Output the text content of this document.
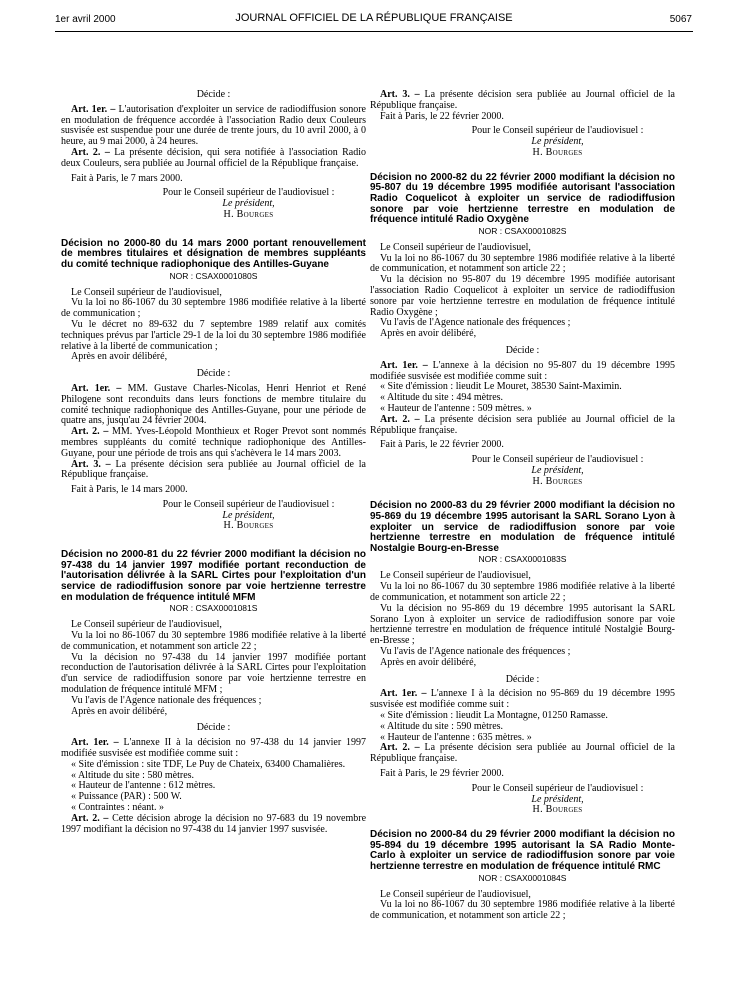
1er avril 2000	JOURNAL OFFICIEL DE LA RÉPUBLIQUE FRANÇAISE	5067

Décide :

Art. 1er. – L'autorisation d'exploiter un service de radiodiffusion sonore en modulation de fréquence accordée à l'association Radio deux Couleurs susvisée est suspendue pour une durée de trente jours, du 10 avril 2000, à 0 heure, au 9 mai 2000, à 24 heures.

Art. 2. – La présente décision, qui sera notifiée à l'association Radio deux Couleurs, sera publiée au Journal officiel de la République française.

Fait à Paris, le 7 mars 2000.

Pour le Conseil supérieur de l'audiovisuel :
Le président,
H. Bourges

Décision no 2000-80 du 14 mars 2000 portant renouvellement de membres titulaires et désignation de membres suppléants du comité technique radiophonique des Antilles-Guyane

NOR : CSAX0001080S

Le Conseil supérieur de l'audiovisuel,

Vu la loi no 86-1067 du 30 septembre 1986 modifiée relative à la liberté de communication ;

Vu le décret no 89-632 du 7 septembre 1989 relatif aux comités techniques prévus par l'article 29-1 de la loi du 30 septembre 1986 modifiée relative à la liberté de communication ;

Après en avoir délibéré,

Décide :

Art. 1er. – MM. Gustave Charles-Nicolas, Henri Henriot et René Philogene sont reconduits dans leurs fonctions de membre titulaire du comité technique radiophonique des Antilles-Guyane, pour une période de quatre ans, jusqu'au 24 février 2004.

Art. 2. – MM. Yves-Léopold Monthieux et Roger Prevot sont nommés membres suppléants du comité technique radiophonique des Antilles-Guyane, pour une période de trois ans qui s'achèvera le 14 mars 2003.

Art. 3. – La présente décision sera publiée au Journal officiel de la République française.

Fait à Paris, le 14 mars 2000.

Pour le Conseil supérieur de l'audiovisuel :
Le président,
H. Bourges

Décision no 2000-81 du 22 février 2000 modifiant la décision no 97-438 du 14 janvier 1997 modifiée portant reconduction de l'autorisation délivrée à la SARL Cirtes pour l'exploitation d'un service de radiodiffusion sonore par voie hertzienne terrestre en modulation de fréquence intitulé MFM

NOR : CSAX0001081S

Le Conseil supérieur de l'audiovisuel,

Vu la loi no 86-1067 du 30 septembre 1986 modifiée relative à la liberté de communication, et notamment son article 22 ;

Vu la décision no 97-438 du 14 janvier 1997 modifiée portant reconduction de l'autorisation délivrée à la SARL Cirtes pour l'exploitation d'un service de radiodiffusion sonore par voie hertzienne terrestre en modulation de fréquence intitulé MFM ;

Vu l'avis de l'Agence nationale des fréquences ;

Après en avoir délibéré,

Décide :

Art. 1er. – L'annexe II à la décision no 97-438 du 14 janvier 1997 modifiée susvisée est modifiée comme suit :

« Site d'émission : site TDF, Le Puy de Chateix, 63400 Chamalières.

« Altitude du site : 580 mètres.

« Hauteur de l'antenne : 612 mètres.

« Puissance (PAR) : 500 W.

« Contraintes : néant. »

Art. 2. – Cette décision abroge la décision no 97-683 du 19 novembre 1997 modifiant la décision no 97-438 du 14 janvier 1997 susvisée.

Art. 3. – La présente décision sera publiée au Journal officiel de la République française.

Fait à Paris, le 22 février 2000.

Pour le Conseil supérieur de l'audiovisuel :
Le président,
H. Bourges

Décision no 2000-82 du 22 février 2000 modifiant la décision no 95-807 du 19 décembre 1995 modifiée autorisant l'association Radio Coquelicot à exploiter un service de radiodiffusion sonore par voie hertzienne terrestre en modulation de fréquence intitulé Radio Oxygène

NOR : CSAX0001082S

Le Conseil supérieur de l'audiovisuel,

Vu la loi no 86-1067 du 30 septembre 1986 modifiée relative à la liberté de communication, et notamment son article 22 ;

Vu la décision no 95-807 du 19 décembre 1995 modifiée autorisant l'association Radio Coquelicot à exploiter un service de radiodiffusion sonore par voie hertzienne terrestre en modulation de fréquence intitulé Radio Oxygène ;

Vu l'avis de l'Agence nationale des fréquences ;

Après en avoir délibéré,

Décide :

Art. 1er. – L'annexe à la décision no 95-807 du 19 décembre 1995 modifiée susvisée est modifiée comme suit :

« Site d'émission : lieudit Le Mouret, 38530 Saint-Maximin.

« Altitude du site : 494 mètres.

« Hauteur de l'antenne : 509 mètres. »

Art. 2. – La présente décision sera publiée au Journal officiel de la République française.

Fait à Paris, le 22 février 2000.

Pour le Conseil supérieur de l'audiovisuel :
Le président,
H. Bourges

Décision no 2000-83 du 29 février 2000 modifiant la décision no 95-869 du 19 décembre 1995 autorisant la SARL Sorano Lyon à exploiter un service de radiodiffusion sonore par voie hertzienne terrestre en modulation de fréquence intitulé Nostalgie Bourg-en-Bresse

NOR : CSAX0001083S

Le Conseil supérieur de l'audiovisuel,

Vu la loi no 86-1067 du 30 septembre 1986 modifiée relative à la liberté de communication, et notamment son article 22 ;

Vu la décision no 95-869 du 19 décembre 1995 autorisant la SARL Sorano Lyon à exploiter un service de radiodiffusion sonore par voie hertzienne terrestre en modulation de fréquence intitulé Nostalgie Bourg-en-Bresse ;

Vu l'avis de l'Agence nationale des fréquences ;

Après en avoir délibéré,

Décide :

Art. 1er. – L'annexe I à la décision no 95-869 du 19 décembre 1995 susvisée est modifiée comme suit :

« Site d'émission : lieudit La Montagne, 01250 Ramasse.

« Altitude du site : 590 mètres.

« Hauteur de l'antenne : 635 mètres. »

Art. 2. – La présente décision sera publiée au Journal officiel de la République française.

Fait à Paris, le 29 février 2000.

Pour le Conseil supérieur de l'audiovisuel :
Le président,
H. Bourges

Décision no 2000-84 du 29 février 2000 modifiant la décision no 95-894 du 19 décembre 1995 autorisant la SA Radio Monte-Carlo à exploiter un service de radiodiffusion sonore par voie hertzienne terrestre en modulation de fréquence intitulé RMC

NOR : CSAX0001084S

Le Conseil supérieur de l'audiovisuel,

Vu la loi no 86-1067 du 30 septembre 1986 modifiée relative à la liberté de communication, et notamment son article 22 ;
